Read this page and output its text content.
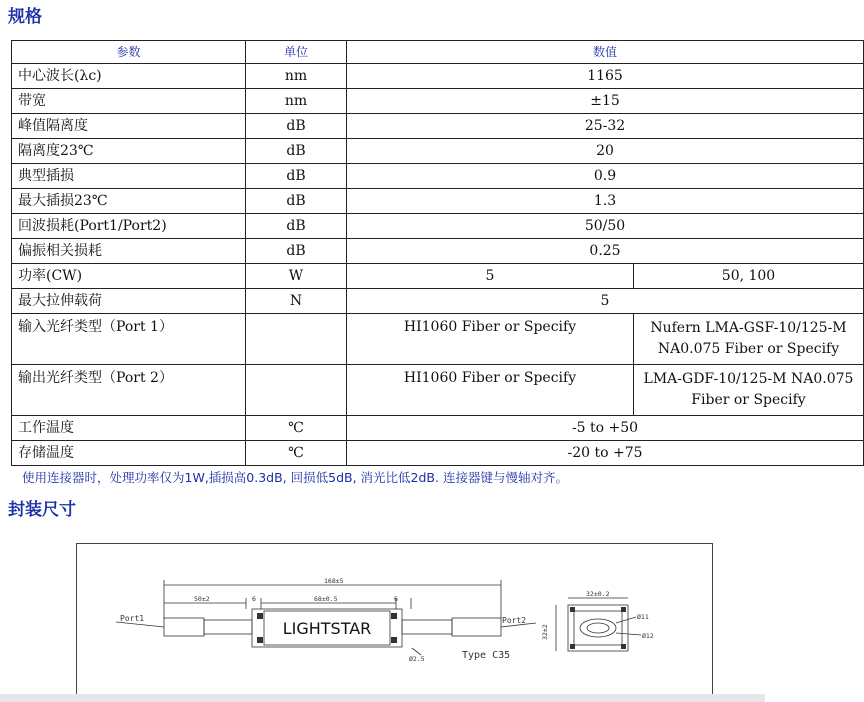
规格
参数	单位	数值	
中心波长(λc)	nm	1165	
带宽	nm	±15	
峰值隔离度	dB	25-32	
隔离度23℃	dB	20	
典型插损	dB	0.9	
最大插损23℃	dB	1.3	
回波损耗(Port1/Port2)	dB	50/50	
偏振相关损耗	dB	0.25	
功率(CW)	W	5	50, 100
最大拉伸载荷	N	5	
输入光纤类型（Port 1）		HI1060 Fiber or Specify	Nufern LMA-GSF-10/125-M
NA0.075 Fiber or Specify

输出光纤类型（Port 2）		HI1060 Fiber or Specify	LMA-GDF-10/125-M NA0.075
Fiber or Specify

工作温度	℃	-5 to +50	
存储温度	℃	-20 to +75	
使用连接器时，处理功率仅为1W,插损高0.3dB, 回损低5dB, 消光比低2dB. 连接器键与慢轴对齐。
封装尺寸
168±5
50±2	6	68±0.5	6
Ø2.5
32±0.2
32±2
Ø11
Ø12
Port1	Port2
Type C35
LIGHTSTAR
